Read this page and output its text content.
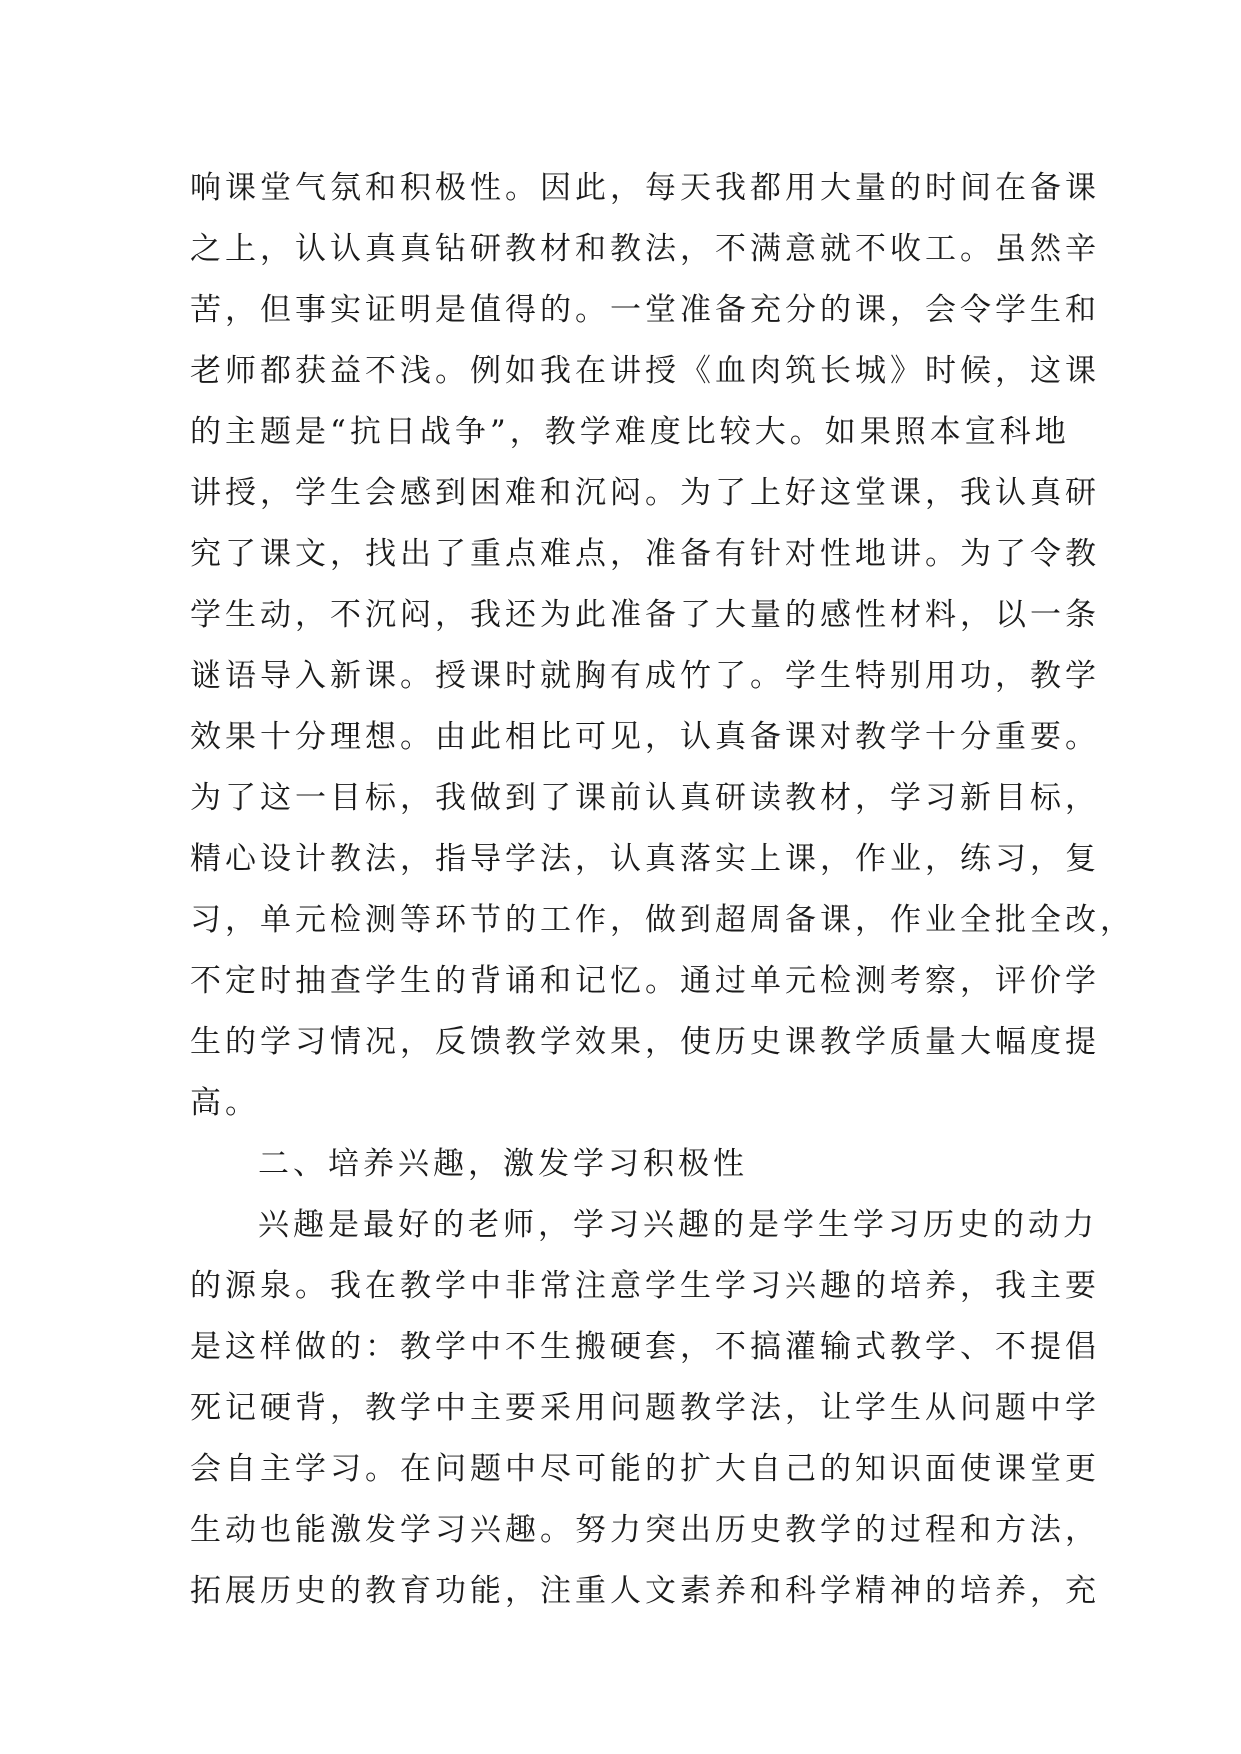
响课堂气氛和积极性。因此，每天我都用大量的时间在备课
之上，认认真真钻研教材和教法，不满意就不收工。虽然辛
苦，但事实证明是值得的。一堂准备充分的课，会令学生和
老师都获益不浅。例如我在讲授《血肉筑长城》时候，这课
的主题是“抗日战争”，教学难度比较大。如果照本宣科地
讲授，学生会感到困难和沉闷。为了上好这堂课，我认真研
究了课文，找出了重点难点，准备有针对性地讲。为了令教
学生动，不沉闷，我还为此准备了大量的感性材料，以一条
谜语导入新课。授课时就胸有成竹了。学生特别用功，教学
效果十分理想。由此相比可见，认真备课对教学十分重要。
为了这一目标，我做到了课前认真研读教材，学习新目标，
精心设计教法，指导学法，认真落实上课，作业，练习，复
习，单元检测等环节的工作，做到超周备课，作业全批全改，
不定时抽查学生的背诵和记忆。通过单元检测考察，评价学
生的学习情况，反馈教学效果，使历史课教学质量大幅度提
高。
二、培养兴趣，激发学习积极性
兴趣是最好的老师，学习兴趣的是学生学习历史的动力
的源泉。我在教学中非常注意学生学习兴趣的培养，我主要
是这样做的：教学中不生搬硬套，不搞灌输式教学、不提倡
死记硬背，教学中主要采用问题教学法，让学生从问题中学
会自主学习。在问题中尽可能的扩大自己的知识面使课堂更
生动也能激发学习兴趣。努力突出历史教学的过程和方法，
拓展历史的教育功能，注重人文素养和科学精神的培养，充
